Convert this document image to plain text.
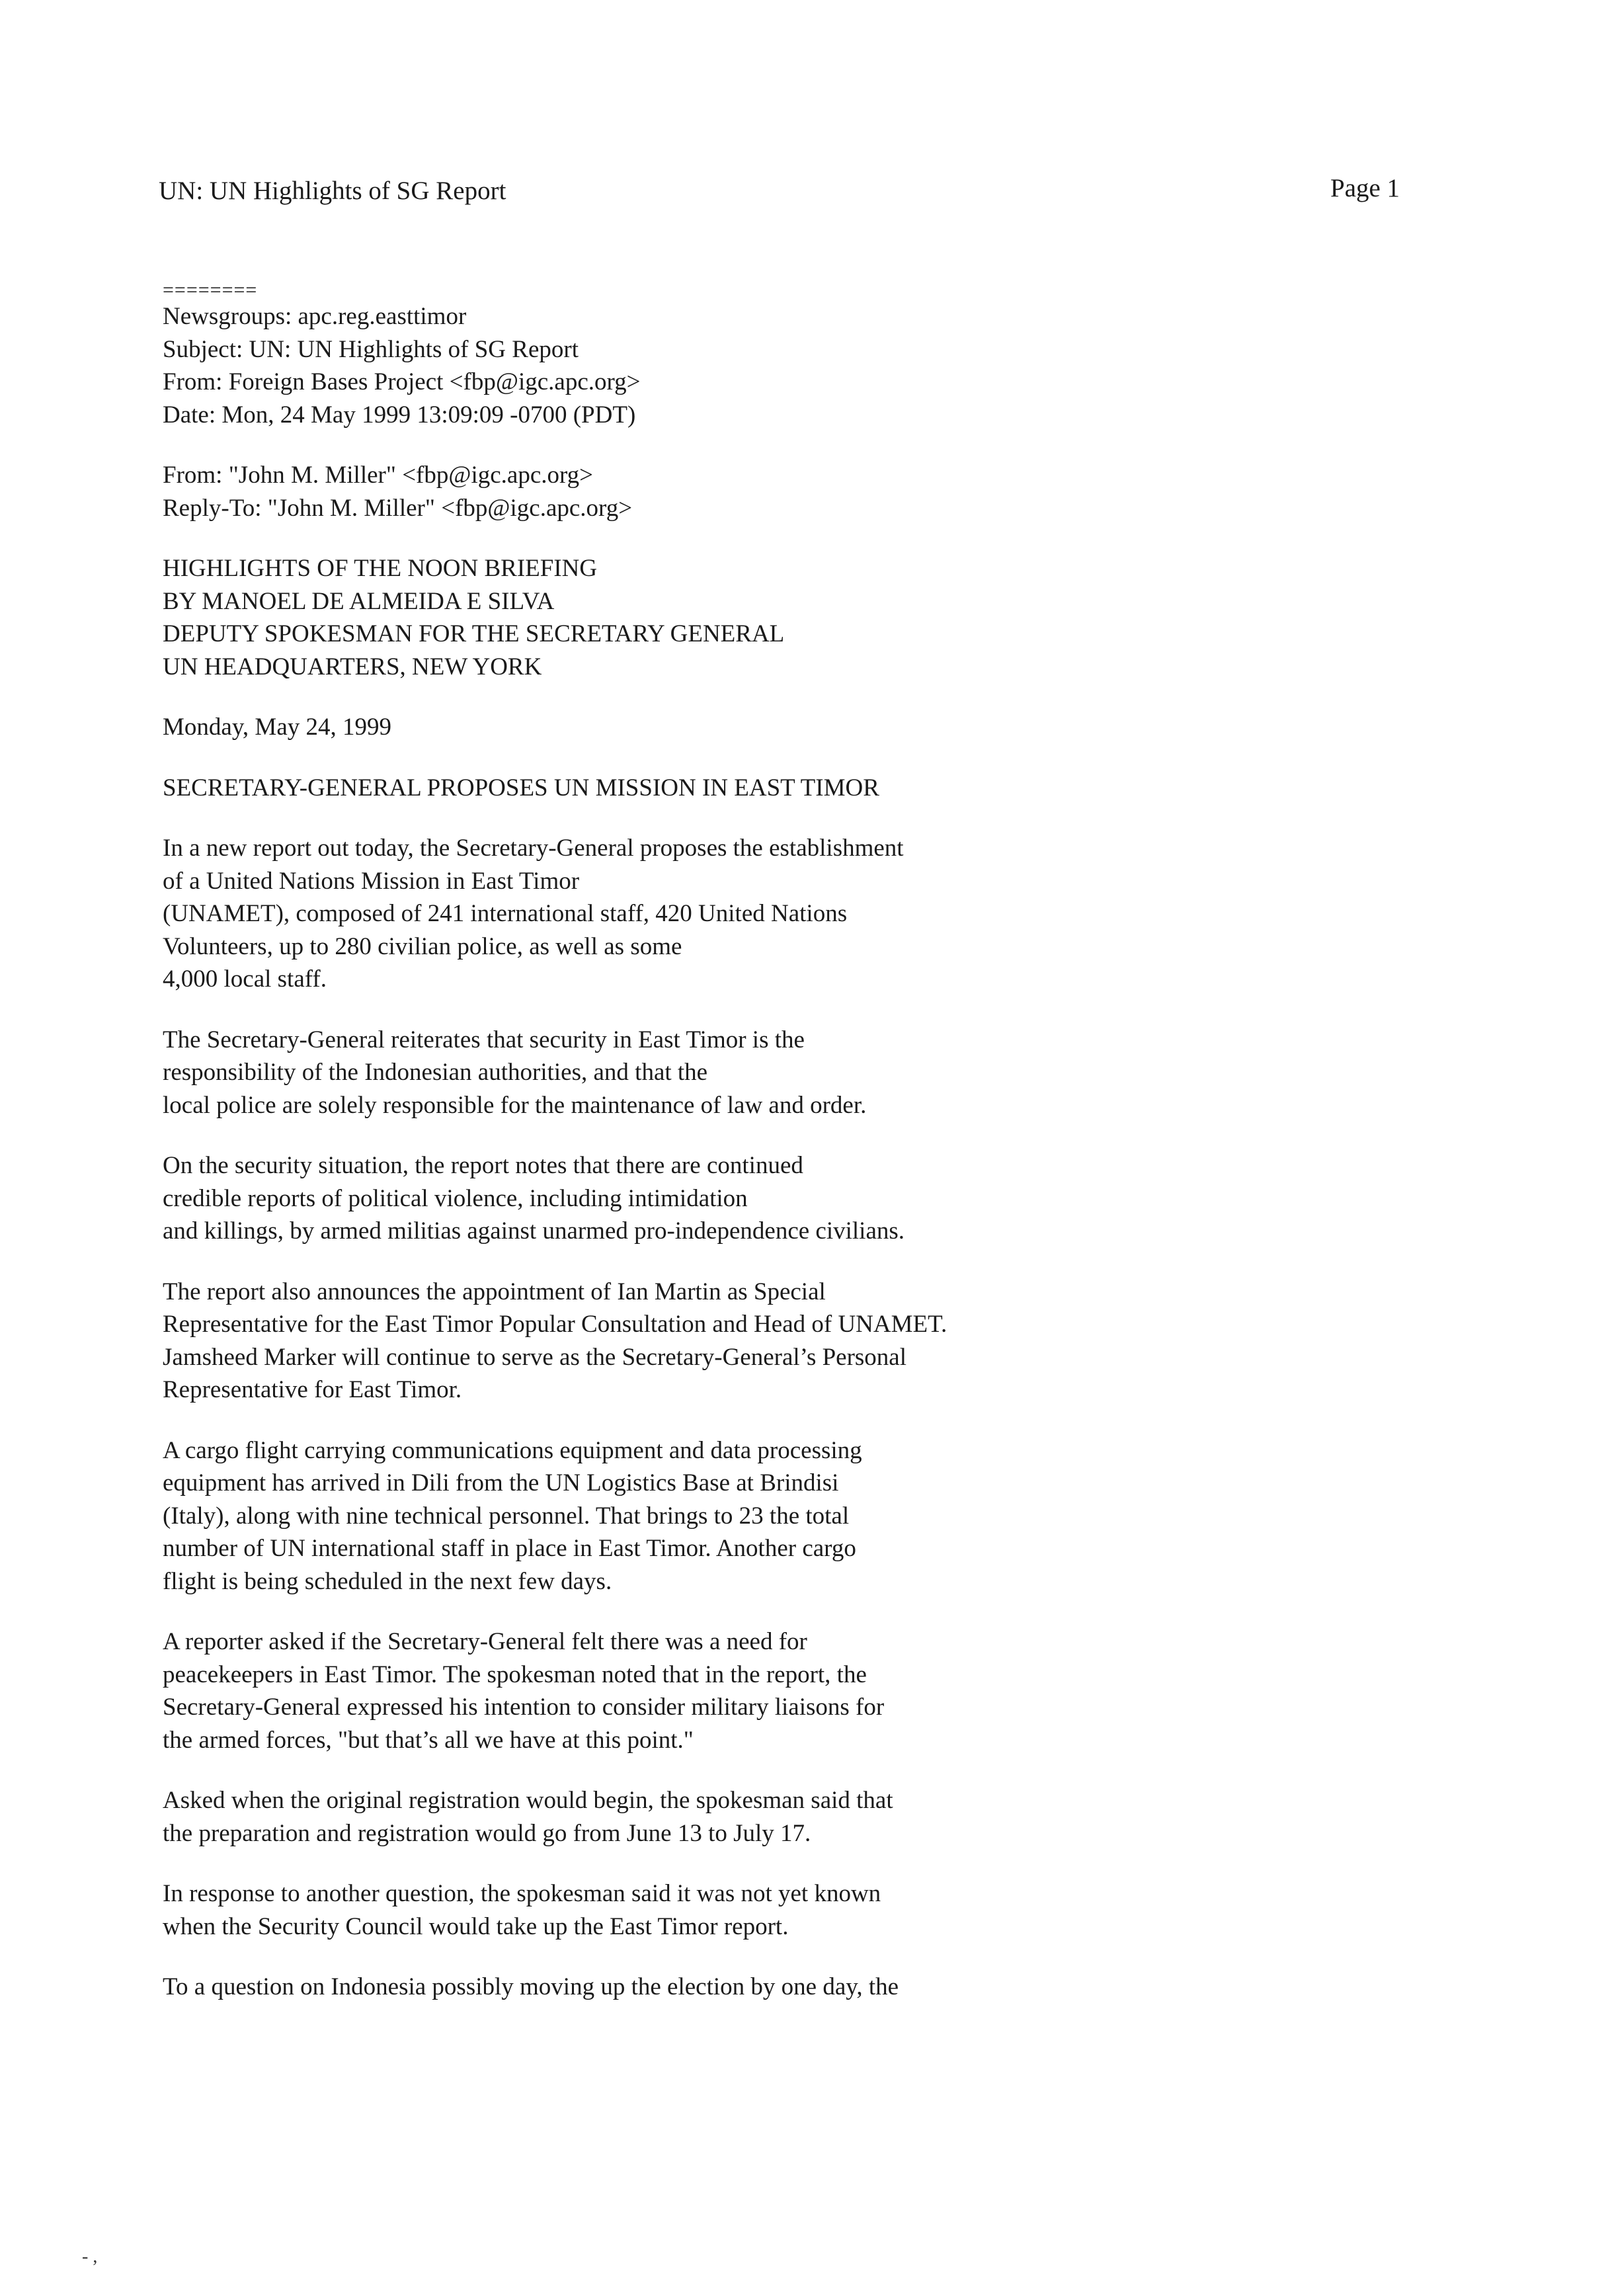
UN: UN Highlights of SG Report	Page 1
========
Newsgroups: apc.reg.easttimor
Subject: UN: UN Highlights of SG Report
From: Foreign Bases Project <fbp@igc.apc.org>
Date: Mon, 24 May 1999 13:09:09 -0700 (PDT)
From: "John M. Miller" <fbp@igc.apc.org>
Reply-To: "John M. Miller" <fbp@igc.apc.org>
HIGHLIGHTS OF THE NOON BRIEFING
BY MANOEL DE ALMEIDA E SILVA
DEPUTY SPOKESMAN FOR THE SECRETARY GENERAL
UN HEADQUARTERS, NEW YORK
Monday, May 24, 1999
SECRETARY-GENERAL PROPOSES UN MISSION IN EAST TIMOR
In a new report out today, the Secretary-General proposes the establishment
of a United Nations Mission in East Timor
(UNAMET), composed of 241 international staff, 420 United Nations
Volunteers, up to 280 civilian police, as well as some
4,000 local staff.
The Secretary-General reiterates that security in East Timor is the
responsibility of the Indonesian authorities, and that the
local police are solely responsible for the maintenance of law and order.
On the security situation, the report notes that there are continued
credible reports of political violence, including intimidation
and killings, by armed militias against unarmed pro-independence civilians.
The report also announces the appointment of Ian Martin as Special
Representative for the East Timor Popular Consultation and Head of UNAMET.
Jamsheed Marker will continue to serve as the Secretary-General’s Personal
Representative for East Timor.
A cargo flight carrying communications equipment and data processing
equipment has arrived in Dili from the UN Logistics Base at Brindisi
(Italy), along with nine technical personnel. That brings to 23 the total
number of UN international staff in place in East Timor. Another cargo
flight is being scheduled in the next few days.
A reporter asked if the Secretary-General felt there was a need for
peacekeepers in East Timor. The spokesman noted that in the report, the
Secretary-General expressed his intention to consider military liaisons for
the armed forces, "but that’s all we have at this point."
Asked when the original registration would begin, the spokesman said that
the preparation and registration would go from June 13 to July 17.
In response to another question, the spokesman said it was not yet known
when the Security Council would take up the East Timor report.
To a question on Indonesia possibly moving up the election by one day, the
- ,
